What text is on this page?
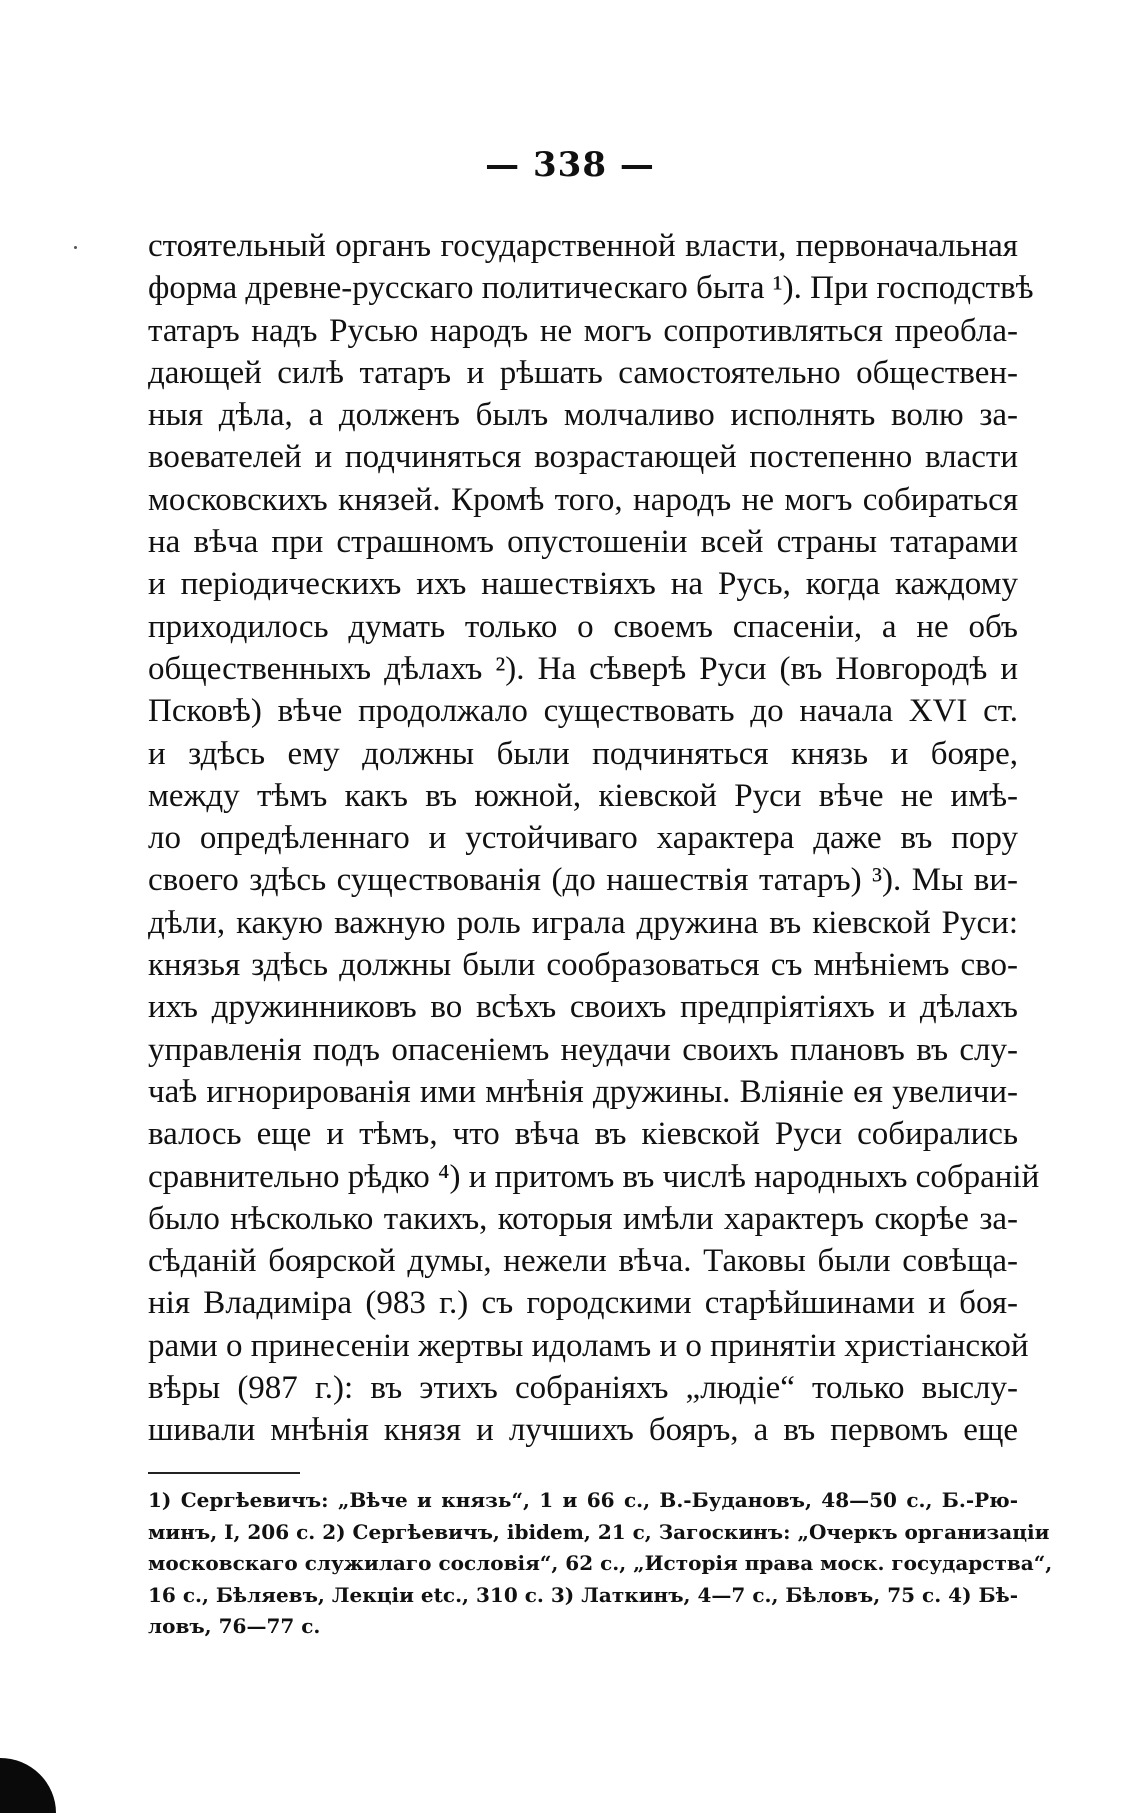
— 338 —
стоятельный органъ государственной власти, первоначальная
форма древне-русскаго политическаго быта ¹). При господствѣ
татаръ надъ Русью народъ не могъ сопротивляться преобла-
дающей силѣ татаръ и рѣшать самостоятельно обществен-
ныя дѣла, а долженъ былъ молчаливо исполнять волю за-
воевателей и подчиняться возрастающей постепенно власти
московскихъ князей. Кромѣ того, народъ не могъ собираться
на вѣча при страшномъ опустошеніи всей страны татарами
и періодическихъ ихъ нашествіяхъ на Русь, когда каждому
приходилось думать только о своемъ спасеніи, а не объ
общественныхъ дѣлахъ ²). На сѣверѣ Руси (въ Новгородѣ и
Псковѣ) вѣче продолжало существовать до начала XVI ст.
и здѣсь ему должны были подчиняться князь и бояре,
между тѣмъ какъ въ южной, кіевской Руси вѣче не имѣ-
ло опредѣленнаго и устойчиваго характера даже въ пору
своего здѣсь существованія (до нашествія татаръ) ³). Мы ви-
дѣли, какую важную роль играла дружина въ кіевской Руси:
князья здѣсь должны были сообразоваться съ мнѣніемъ сво-
ихъ дружинниковъ во всѣхъ своихъ предпріятіяхъ и дѣлахъ
управленія подъ опасеніемъ неудачи своихъ плановъ въ слу-
чаѣ игнорированія ими мнѣнія дружины. Вліяніе ея увеличи-
валось еще и тѣмъ, что вѣча въ кіевской Руси собирались
сравнительно рѣдко ⁴) и притомъ въ числѣ народныхъ собраній
было нѣсколько такихъ, которыя имѣли характеръ скорѣе за-
сѣданій боярской думы, нежели вѣча. Таковы были совѣща-
нія Владиміра (983 г.) съ городскими старѣйшинами и боя-
рами о принесеніи жертвы идоламъ и о принятіи христіанской
вѣры (987 г.): въ этихъ собраніяхъ „людіе“ только выслу-
шивали мнѣнія князя и лучшихъ бояръ, а въ первомъ еще
1) Сергѣевичъ: „Вѣче и князь“, 1 и 66 с., В.-Будановъ, 48—50 с., Б.-Рю-
минъ, I, 206 с. 2) Сергѣевичъ, ibidem, 21 с, Загоскинъ: „Очеркъ организаціи
московскаго служилаго сословія“, 62 с., „Исторія права моск. государства“,
16 с., Бѣляевъ, Лекціи etc., 310 с. 3) Латкинъ, 4—7 с., Бѣловъ, 75 с. 4) Бѣ-
ловъ, 76—77 с.
